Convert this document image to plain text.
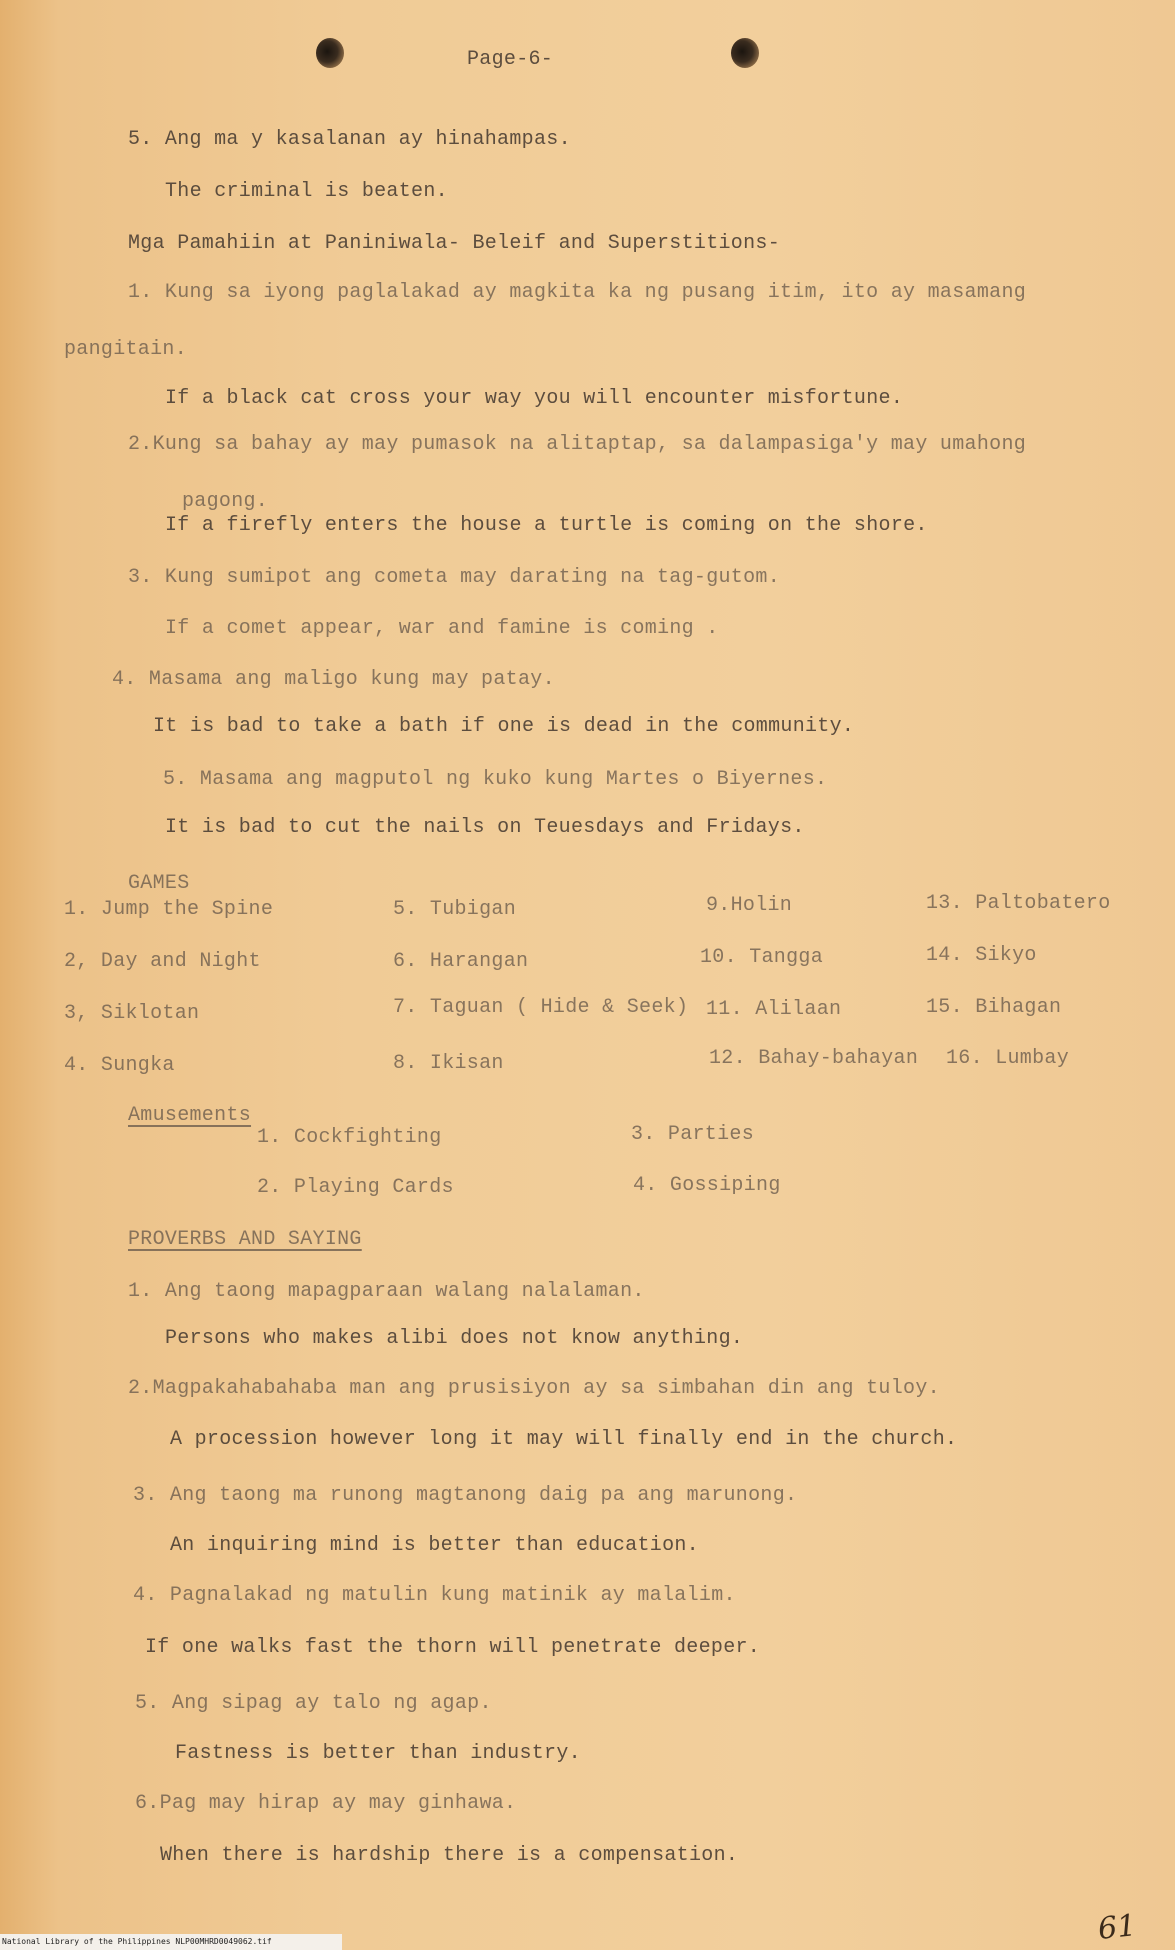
Page-6-
5. Ang ma y kasalanan ay hinahampas.
The criminal is beaten.
Mga Pamahiin at Paniniwala- Beleif and Superstitions-
1. Kung sa iyong paglalakad ay magkita ka ng pusang itim, ito ay masamang
pangitain.
If a black cat cross your way you will encounter misfortune.
2.Kung sa bahay ay may pumasok na alitaptap, sa dalampasiga'y may umahong
pagong.
If a firefly enters the house a turtle is coming on the shore.
3. Kung sumipot ang cometa may darating na tag-gutom.
If a comet appear, war and famine is coming .
4. Masama ang maligo kung may patay.
It is bad to take a bath if one is dead in the community.
5. Masama ang magputol ng kuko kung Martes o Biyernes.
It is bad to cut the nails on Teuesdays and Fridays.
GAMES
1. Jump the Spine
2, Day and Night
3, Siklotan
4. Sungka
5. Tubigan
6. Harangan
7. Taguan ( Hide & Seek)
8. Ikisan
9.Holin
10. Tangga
11. Alilaan
12. Bahay-bahayan
13. Paltobatero
14. Sikyo
15. Bihagan
16. Lumbay
Amusements
1. Cockfighting
2. Playing Cards
3. Parties
4. Gossiping
PROVERBS AND SAYING
1. Ang taong mapagparaan walang nalalaman.
Persons who makes alibi does not know anything.
2.Magpakahabahaba man ang prusisiyon ay sa simbahan din ang tuloy.
A procession however long it may will finally end in the church.
3. Ang taong ma runong magtanong daig pa ang marunong.
An inquiring mind is better than education.
4. Pagnalakad ng matulin kung matinik ay malalim.
If one walks fast the thorn will penetrate deeper.
5. Ang sipag ay talo ng agap.
Fastness is better than industry.
6.Pag may hirap ay may ginhawa.
When there is hardship there is a compensation.
61
National Library of the Philippines NLP00MHRD0049062.tif
